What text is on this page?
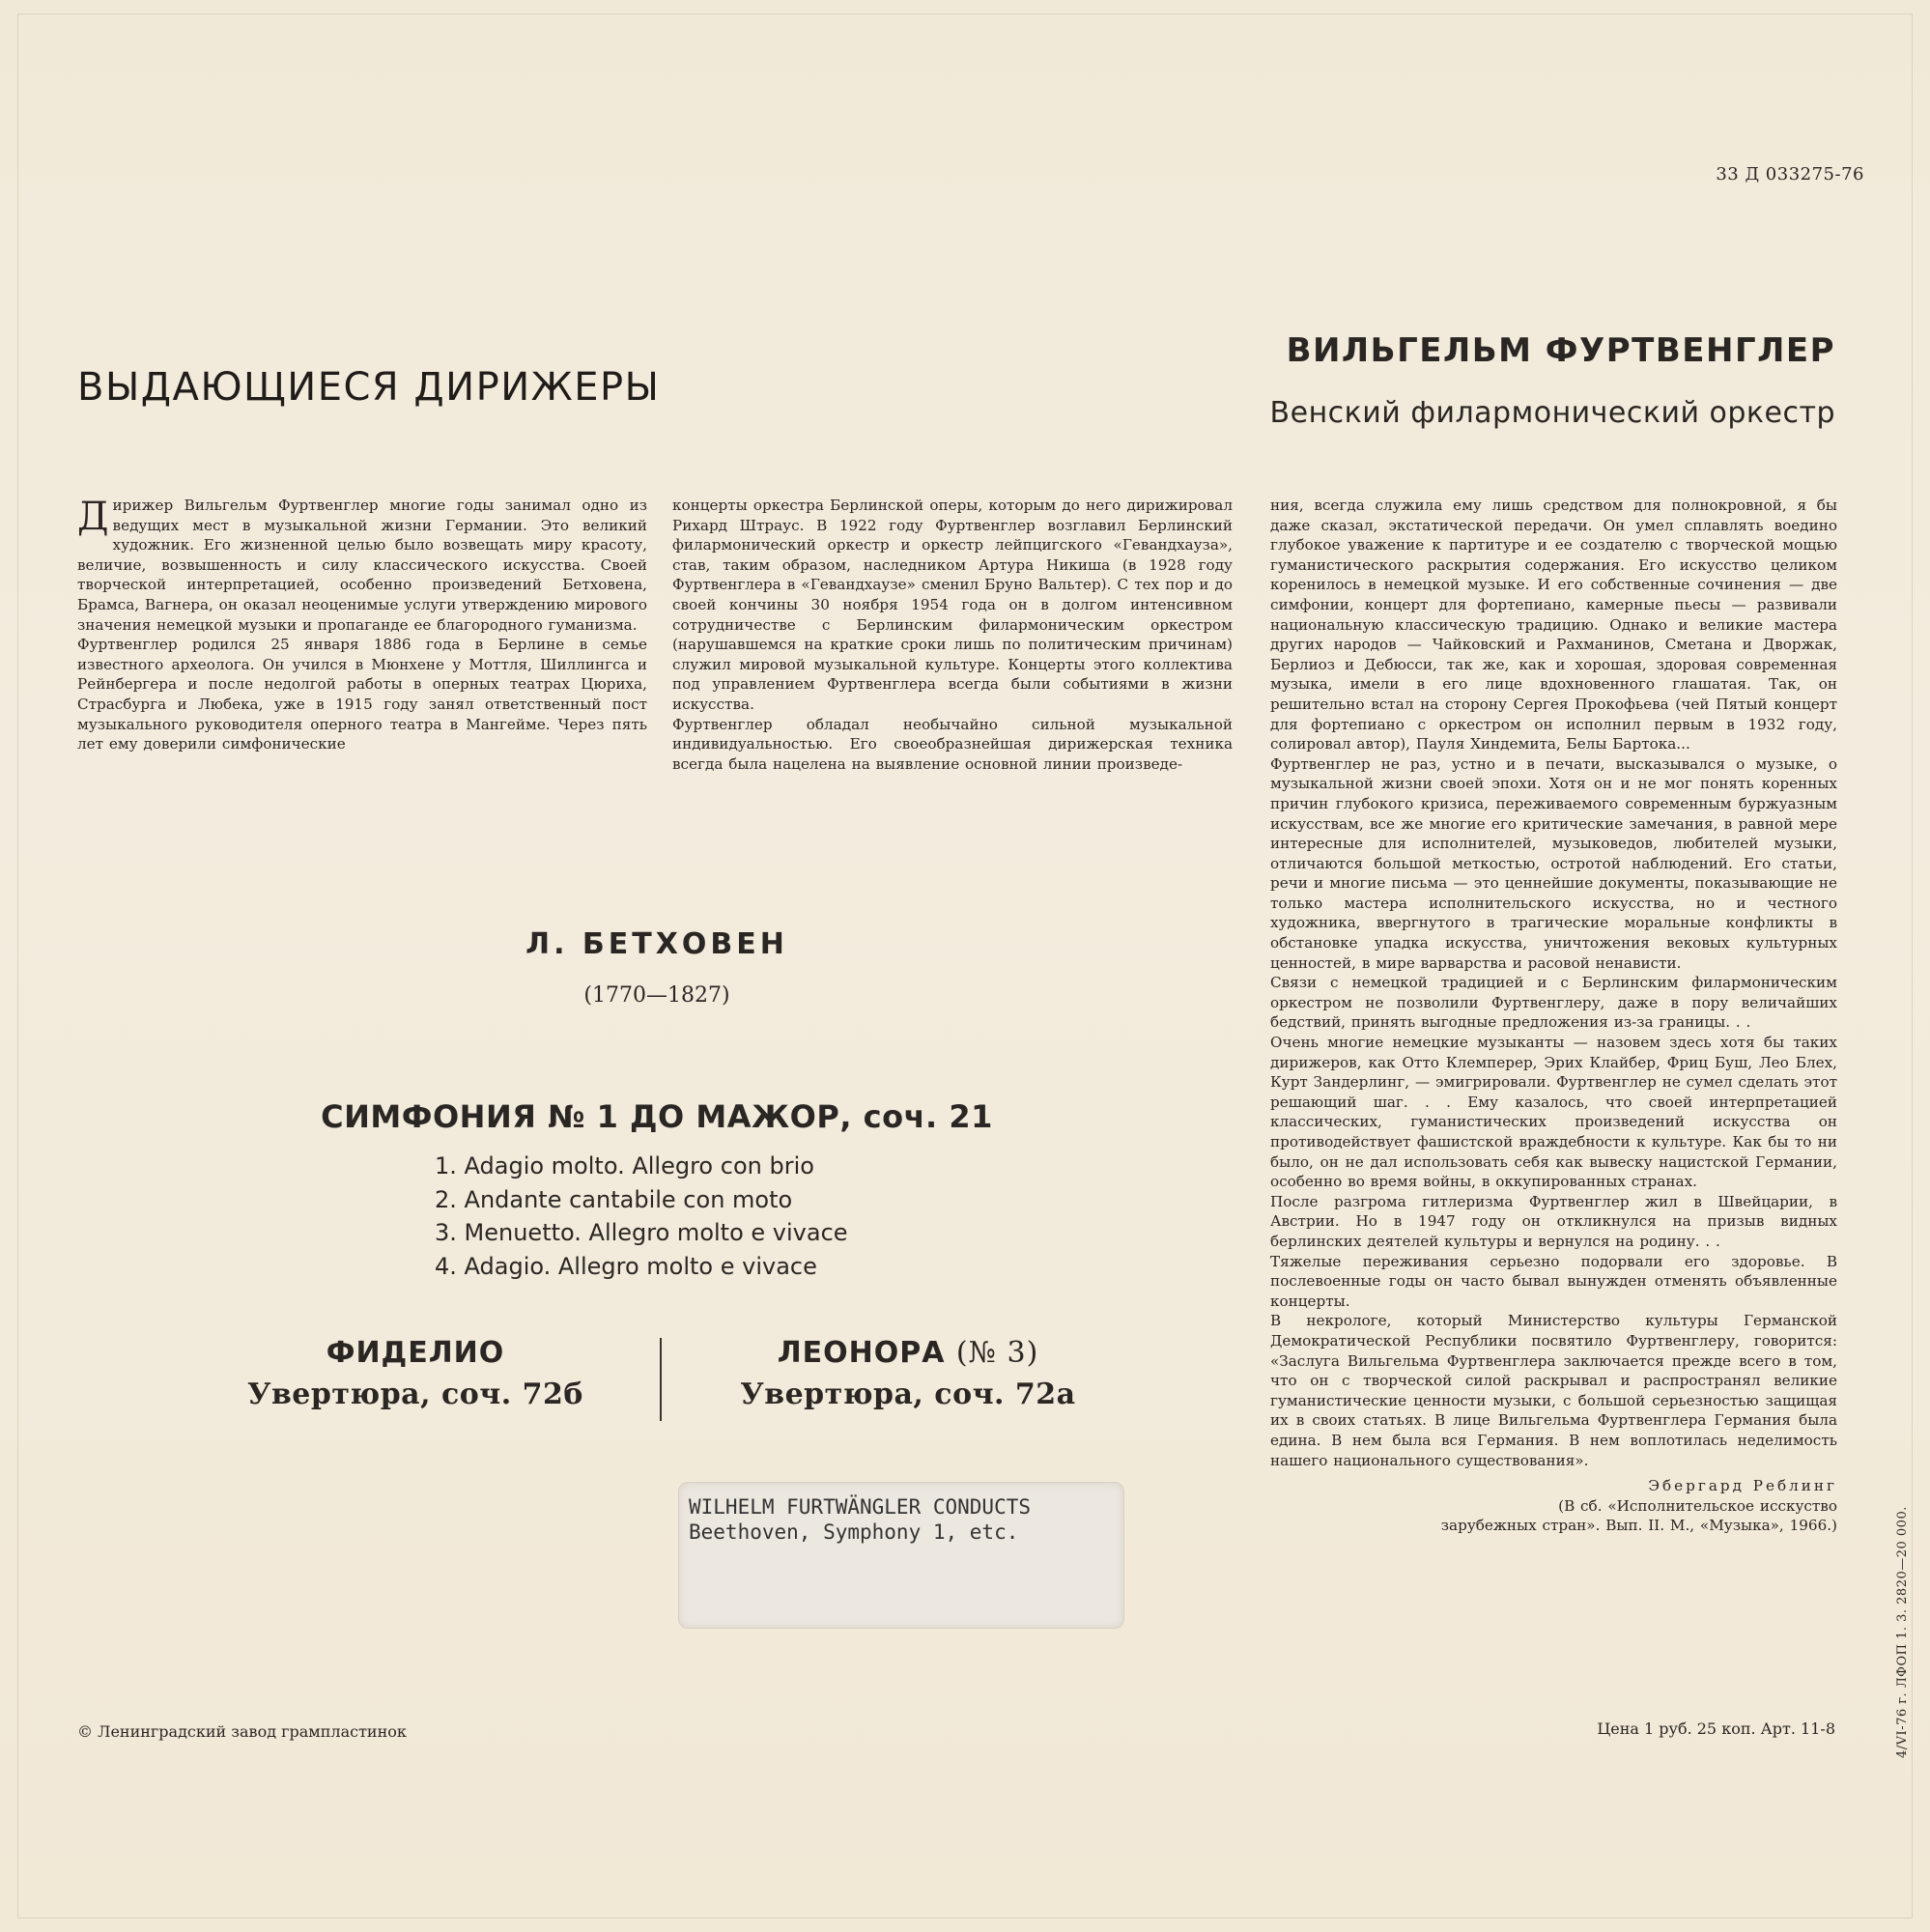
33 Д 033275-76
ВЫДАЮЩИЕСЯ ДИРИЖЕРЫ
ВИЛЬГЕЛЬМ ФУРТВЕНГЛЕР
Венский филармонический оркестр

Дирижер Вильгельм Фуртвенглер многие годы занимал одно из ведущих мест в музыкальной жизни Германии. Это великий художник. Его жизненной целью было возвещать миру красоту, величие, возвышенность и силу классического искусства. Своей творческой интерпретацией, особенно произведений Бетховена, Брамса, Вагнера, он оказал неоценимые услуги утверждению мирового значения немецкой музыки и пропаганде ее благородного гуманизма.

Фуртвенглер родился 25 января 1886 года в Берлине в семье известного археолога. Он учился в Мюнхене у Моттля, Шиллингса и Рейнбергера и после недолгой работы в оперных театрах Цюриха, Страсбурга и Любека, уже в 1915 году занял ответственный пост музыкального руководителя оперного театра в Мангейме. Через пять лет ему доверили симфонические

концерты оркестра Берлинской оперы, которым до него дирижировал Рихард Штраус. В 1922 году Фуртвенглер возглавил Берлинский филармонический оркестр и оркестр лейпцигского «Гевандхауза», став, таким образом, наследником Артура Никиша (в 1928 году Фуртвенглера в «Гевандхаузе» сменил Бруно Вальтер). С тех пор и до своей кончины 30 ноября 1954 года он в долгом интенсивном сотрудничестве с Берлинским филармоническим оркестром (нарушавшемся на краткие сроки лишь по политическим причинам) служил мировой музыкальной культуре. Концерты этого коллектива под управлением Фуртвенглера всегда были событиями в жизни искусства.

Фуртвенглер обладал необычайно сильной музыкальной индивидуальностью. Его своеобразнейшая дирижерская техника всегда была нацелена на выявление основной линии произведе-

ния, всегда служила ему лишь средством для полнокровной, я бы даже сказал, экстатической передачи. Он умел сплавлять воедино глубокое уважение к партитуре и ее создателю с творческой мощью гуманистического раскрытия содержания. Его искусство целиком коренилось в немецкой музыке. И его собственные сочинения — две симфонии, концерт для фортепиано, камерные пьесы — развивали национальную классическую традицию. Однако и великие мастера других народов — Чайковский и Рахманинов, Сметана и Дворжак, Берлиоз и Дебюсси, так же, как и хорошая, здоровая современная музыка, имели в его лице вдохновенного глашатая. Так, он решительно встал на сторону Сергея Прокофьева (чей Пятый концерт для фортепиано с оркестром он исполнил первым в 1932 году, солировал автор), Пауля Хиндемита, Белы Бартока...

Фуртвенглер не раз, устно и в печати, высказывался о музыке, о музыкальной жизни своей эпохи. Хотя он и не мог понять коренных причин глубокого кризиса, переживаемого современным буржуазным искусствам, все же многие его критические замечания, в равной мере интересные для исполнителей, музыковедов, любителей музыки, отличаются большой меткостью, остротой наблюдений. Его статьи, речи и многие письма — это ценнейшие документы, показывающие не только мастера исполнительского искусства, но и честного художника, ввергнутого в трагические моральные конфликты в обстановке упадка искусства, уничтожения вековых культурных ценностей, в мире варварства и расовой ненависти.

Связи с немецкой традицией и с Берлинским филармоническим оркестром не позволили Фуртвенглеру, даже в пору величайших бедствий, принять выгодные предложения из-за границы. . .

Очень многие немецкие музыканты — назовем здесь хотя бы таких дирижеров, как Отто Клемперер, Эрих Клайбер, Фриц Буш, Лео Блех, Курт Зандерлинг, — эмигрировали. Фуртвенглер не сумел сделать этот решающий шаг. . . Ему казалось, что своей интерпретацией классических, гуманистических произведений искусства он противодействует фашистской враждебности к культуре. Как бы то ни было, он не дал использовать себя как вывеску нацистской Германии, особенно во время войны, в оккупированных странах.

После разгрома гитлеризма Фуртвенглер жил в Швейцарии, в Австрии. Но в 1947 году он откликнулся на призыв видных берлинских деятелей культуры и вернулся на родину. . .

Тяжелые переживания серьезно подорвали его здоровье. В послевоенные годы он часто бывал вынужден отменять объявленные концерты.

В некрологе, который Министерство культуры Германской Демократической Республики посвятило Фуртвенглеру, говорится: «Заслуга Вильгельма Фуртвенглера заключается прежде всего в том, что он с творческой силой раскрывал и распространял великие гуманистические ценности музыки, с большой серьезностью защищая их в своих статьях. В лице Вильгельма Фуртвенглера Германия была едина. В нем была вся Германия. В нем воплотилась неделимость нашего национального существования».

Эбергард Реблинг

(В сб. «Исполнительское исскуство

зарубежных стран». Вып. II. М., «Музыка», 1966.)

Л. БЕТХОВЕН
(1770—1827)
СИМФОНИЯ № 1 ДО МАЖОР, соч. 21
1. Adagio molto. Allegro con brio
2. Andante cantabile con moto
3. Menuetto. Allegro molto e vivace
4. Adagio. Allegro molto e vivace
ФИДЕЛИО
Увертюра, соч. 72б
ЛЕОНОРА (№ 3)
Увертюра, соч. 72а
WILHELM FURTWÄNGLER CONDUCTS
Beethoven, Symphony 1, etc.
© Ленинградский завод грампластинок	Цена 1 руб. 25 коп. Арт. 11-8	4/VI-76 г. ЛФОП 1. 3. 2820—20 000.
